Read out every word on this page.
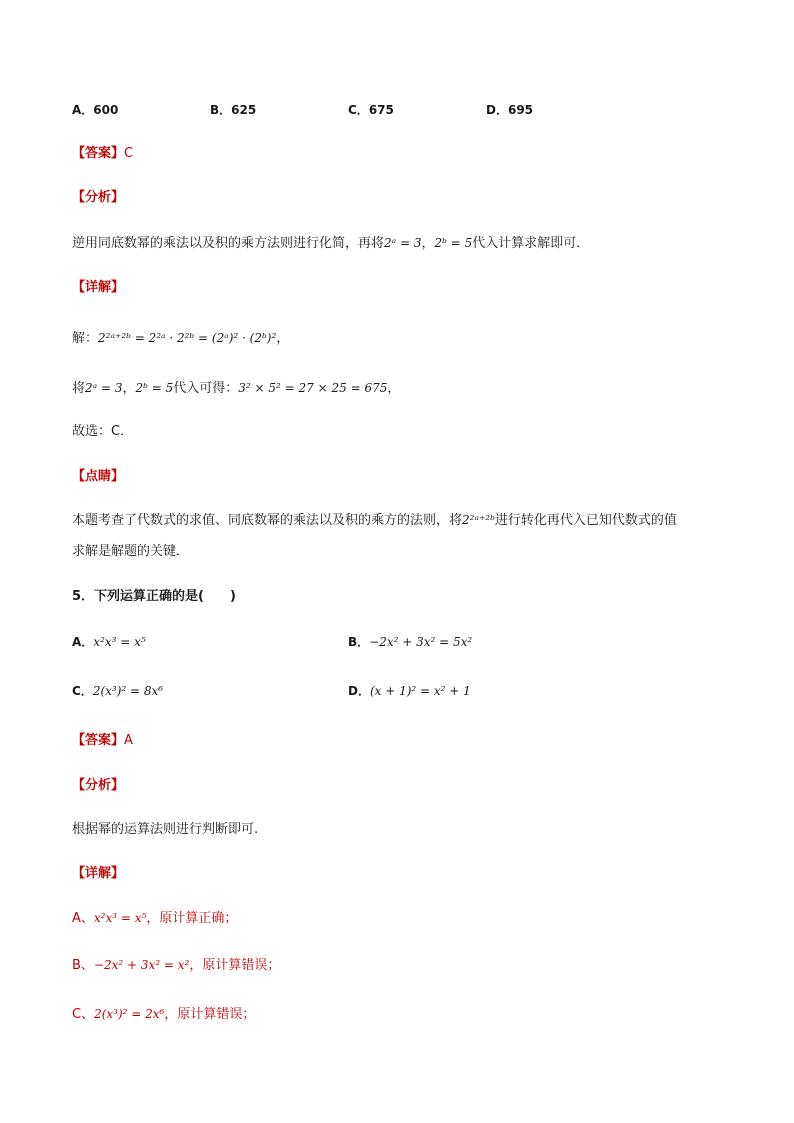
A．600	B．625	C．675	D．695
【答案】C
【分析】
逆用同底数幂的乘法以及积的乘方法则进行化简，再将2ᵃ = 3，2ᵇ = 5代入计算求解即可．
【详解】
解：2²ᵃ⁺²ᵇ = 2²ᵃ · 2²ᵇ = (2ᵃ)² · (2ᵇ)²，
将2ᵃ = 3，2ᵇ = 5代入可得：3² × 5² = 27 × 25 = 675，
故选：C．
【点睛】
本题考查了代数式的求值、同底数幂的乘法以及积的乘方的法则，将2²ᵃ⁺²ᵇ进行转化再代入已知代数式的值
求解是解题的关键．
5．下列运算正确的是(　　)
A．x²x³ = x⁵	B．−2x² + 3x² = 5x²
C．2(x³)² = 8x⁶	D．(x + 1)² = x² + 1
【答案】A
【分析】
根据幂的运算法则进行判断即可.
【详解】
A、x²x³ = x⁵，原计算正确；
B、−2x² + 3x² = x²，原计算错误；
C、2(x³)² = 2x⁶，原计算错误；
